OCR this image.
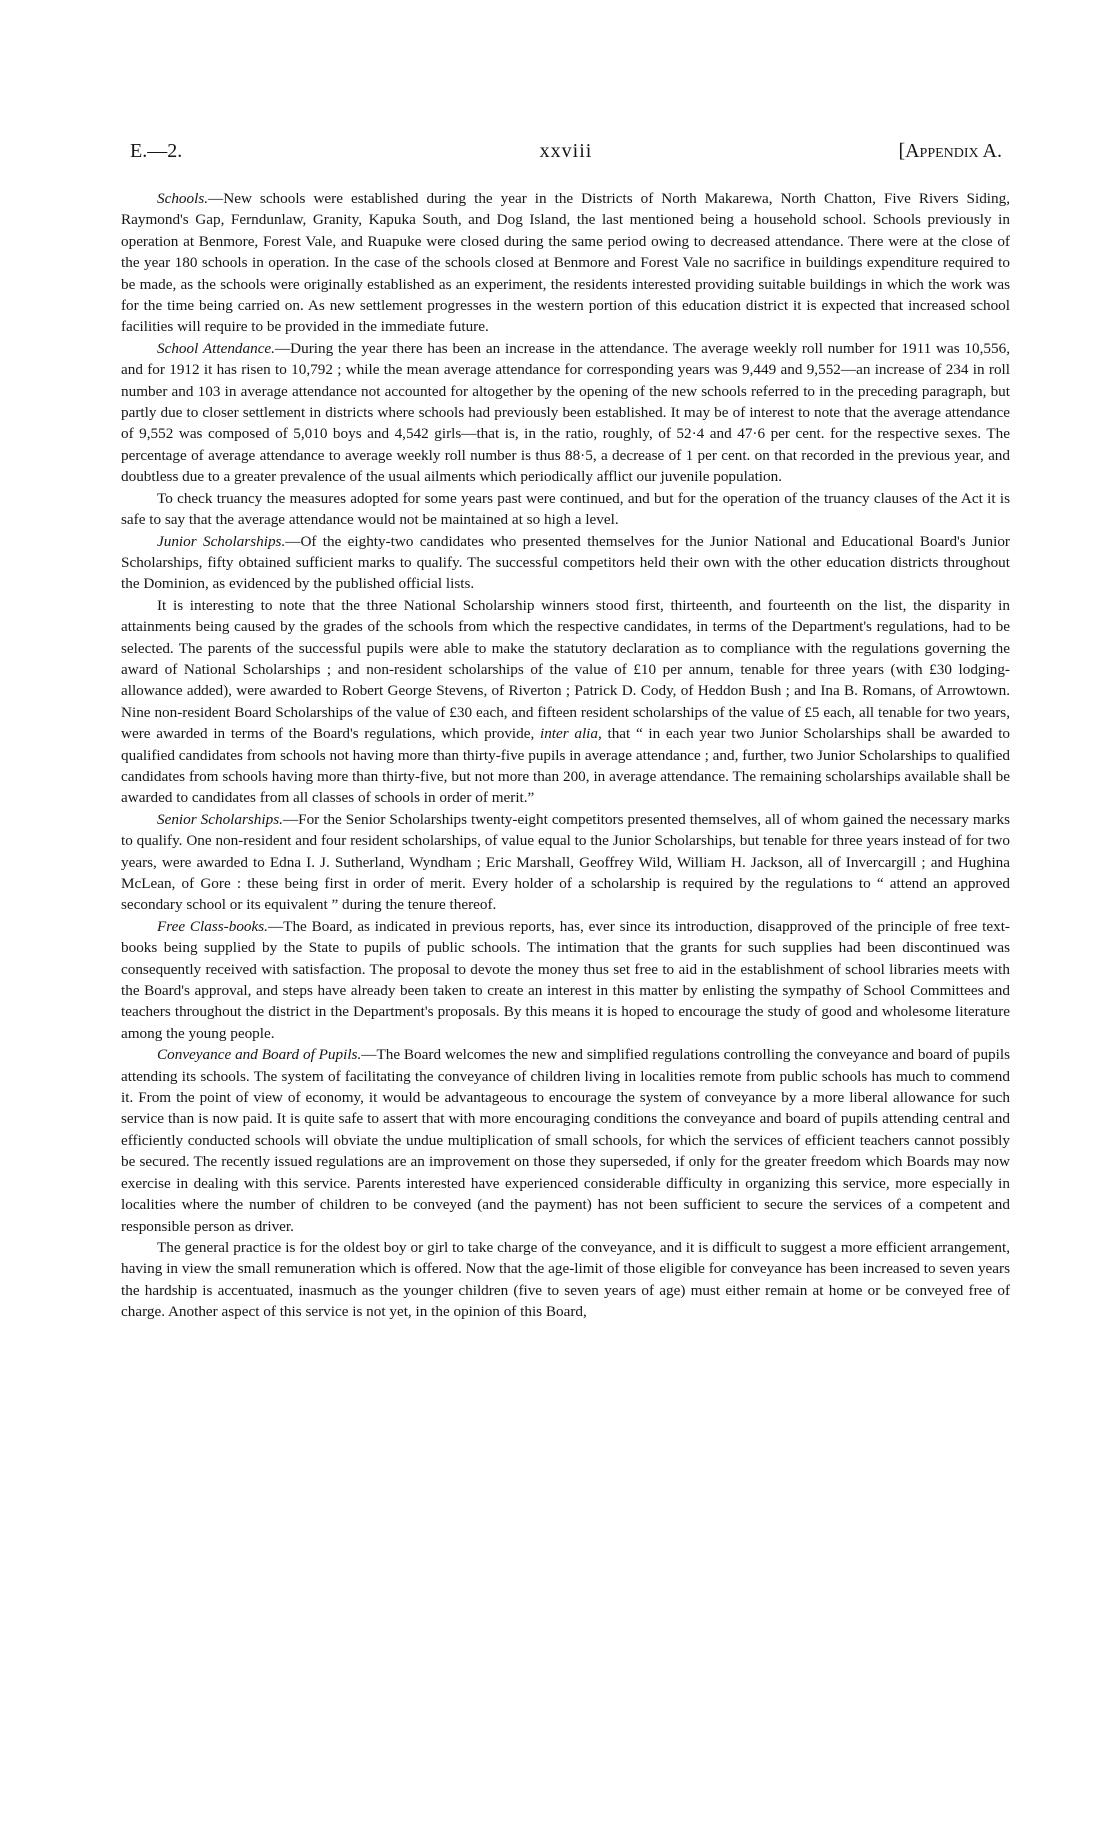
E.—2.	xxviii	[Appendix A.

Schools.—New schools were established during the year in the Districts of North Makarewa, North Chatton, Five Rivers Siding, Raymond's Gap, Ferndunlaw, Granity, Kapuka South, and Dog Island, the last mentioned being a household school. Schools previously in operation at Benmore, Forest Vale, and Ruapuke were closed during the same period owing to decreased attendance. There were at the close of the year 180 schools in operation. In the case of the schools closed at Benmore and Forest Vale no sacrifice in buildings expenditure required to be made, as the schools were originally established as an experiment, the residents interested providing suitable buildings in which the work was for the time being carried on. As new settlement progresses in the western portion of this education district it is expected that increased school facilities will require to be provided in the immediate future.

School Attendance.—During the year there has been an increase in the attendance. The average weekly roll number for 1911 was 10,556, and for 1912 it has risen to 10,792 ; while the mean average attendance for corresponding years was 9,449 and 9,552—an increase of 234 in roll number and 103 in average attendance not accounted for altogether by the opening of the new schools referred to in the preceding paragraph, but partly due to closer settlement in districts where schools had previously been established. It may be of interest to note that the average attendance of 9,552 was composed of 5,010 boys and 4,542 girls—that is, in the ratio, roughly, of 52·4 and 47·6 per cent. for the respective sexes. The percentage of average attendance to average weekly roll number is thus 88·5, a decrease of 1 per cent. on that recorded in the previous year, and doubtless due to a greater prevalence of the usual ailments which periodically afflict our juvenile population.

To check truancy the measures adopted for some years past were continued, and but for the operation of the truancy clauses of the Act it is safe to say that the average attendance would not be maintained at so high a level.

Junior Scholarships.—Of the eighty-two candidates who presented themselves for the Junior National and Educational Board's Junior Scholarships, fifty obtained sufficient marks to qualify. The successful competitors held their own with the other education districts throughout the Dominion, as evidenced by the published official lists.

It is interesting to note that the three National Scholarship winners stood first, thirteenth, and fourteenth on the list, the disparity in attainments being caused by the grades of the schools from which the respective candidates, in terms of the Department's regulations, had to be selected. The parents of the successful pupils were able to make the statutory declaration as to compliance with the regulations governing the award of National Scholarships ; and non-resident scholarships of the value of £10 per annum, tenable for three years (with £30 lodging-allowance added), were awarded to Robert George Stevens, of Riverton ; Patrick D. Cody, of Heddon Bush ; and Ina B. Romans, of Arrowtown. Nine non-resident Board Scholarships of the value of £30 each, and fifteen resident scholarships of the value of £5 each, all tenable for two years, were awarded in terms of the Board's regulations, which provide, inter alia, that “ in each year two Junior Scholarships shall be awarded to qualified candidates from schools not having more than thirty-five pupils in average attendance ; and, further, two Junior Scholarships to qualified candidates from schools having more than thirty-five, but not more than 200, in average attendance. The remaining scholarships available shall be awarded to candidates from all classes of schools in order of merit.”

Senior Scholarships.—For the Senior Scholarships twenty-eight competitors presented themselves, all of whom gained the necessary marks to qualify. One non-resident and four resident scholarships, of value equal to the Junior Scholarships, but tenable for three years instead of for two years, were awarded to Edna I. J. Sutherland, Wyndham ; Eric Marshall, Geoffrey Wild, William H. Jackson, all of Invercargill ; and Hughina McLean, of Gore : these being first in order of merit. Every holder of a scholarship is required by the regulations to “ attend an approved secondary school or its equivalent ” during the tenure thereof.

Free Class-books.—The Board, as indicated in previous reports, has, ever since its introduction, disapproved of the principle of free text-books being supplied by the State to pupils of public schools. The intimation that the grants for such supplies had been discontinued was consequently received with satisfaction. The proposal to devote the money thus set free to aid in the establishment of school libraries meets with the Board's approval, and steps have already been taken to create an interest in this matter by enlisting the sympathy of School Committees and teachers throughout the district in the Department's proposals. By this means it is hoped to encourage the study of good and wholesome literature among the young people.

Conveyance and Board of Pupils.—The Board welcomes the new and simplified regulations controlling the conveyance and board of pupils attending its schools. The system of facilitating the conveyance of children living in localities remote from public schools has much to commend it. From the point of view of economy, it would be advantageous to encourage the system of conveyance by a more liberal allowance for such service than is now paid. It is quite safe to assert that with more encouraging conditions the conveyance and board of pupils attending central and efficiently conducted schools will obviate the undue multiplication of small schools, for which the services of efficient teachers cannot possibly be secured. The recently issued regulations are an improvement on those they superseded, if only for the greater freedom which Boards may now exercise in dealing with this service. Parents interested have experienced considerable difficulty in organizing this service, more especially in localities where the number of children to be conveyed (and the payment) has not been sufficient to secure the services of a competent and responsible person as driver.

The general practice is for the oldest boy or girl to take charge of the conveyance, and it is difficult to suggest a more efficient arrangement, having in view the small remuneration which is offered. Now that the age-limit of those eligible for conveyance has been increased to seven years the hardship is accentuated, inasmuch as the younger children (five to seven years of age) must either remain at home or be conveyed free of charge. Another aspect of this service is not yet, in the opinion of this Board,
